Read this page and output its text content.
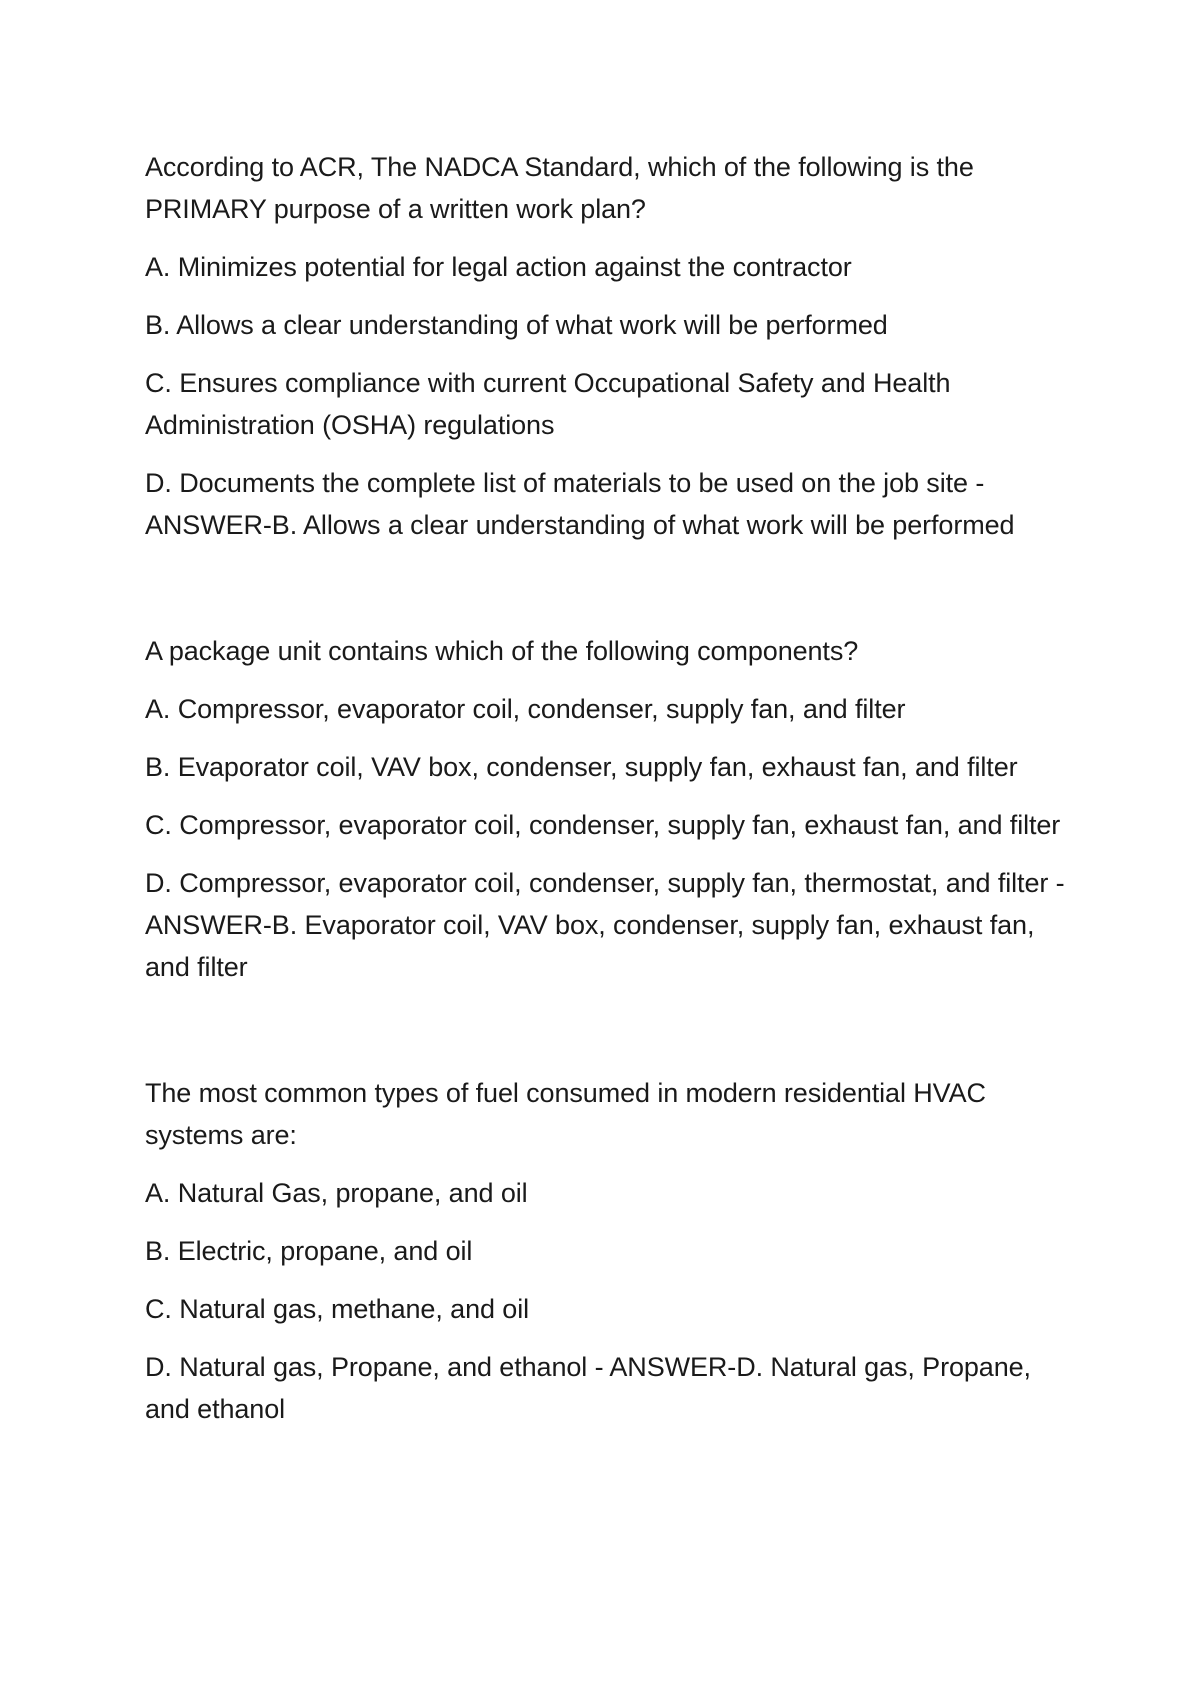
According to ACR, The NADCA Standard, which of the following is the PRIMARY purpose of a written work plan?

A. Minimizes potential for legal action against the contractor

B. Allows a clear understanding of what work will be performed

C. Ensures compliance with current Occupational Safety and Health Administration (OSHA) regulations

D. Documents the complete list of materials to be used on the job site - ANSWER-B. Allows a clear understanding of what work will be performed

A package unit contains which of the following components?

A. Compressor, evaporator coil, condenser, supply fan, and filter

B. Evaporator coil, VAV box, condenser, supply fan, exhaust fan, and filter

C. Compressor, evaporator coil, condenser, supply fan, exhaust fan, and filter

D. Compressor, evaporator coil, condenser, supply fan, thermostat, and filter - ANSWER-B. Evaporator coil, VAV box, condenser, supply fan, exhaust fan, and filter

The most common types of fuel consumed in modern residential HVAC systems are:

A. Natural Gas, propane, and oil

B. Electric, propane, and oil

C. Natural gas, methane, and oil

D. Natural gas, Propane, and ethanol - ANSWER-D. Natural gas, Propane, and ethanol
